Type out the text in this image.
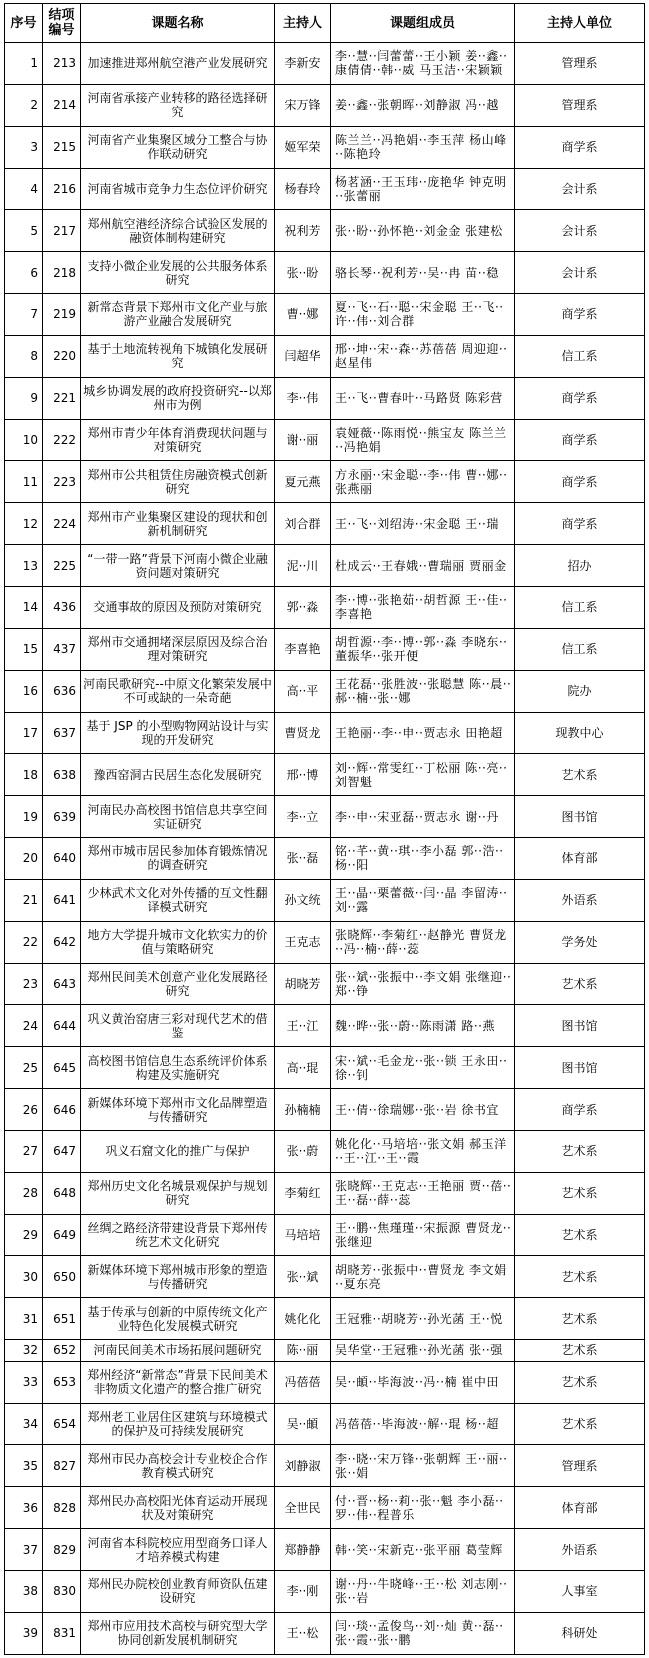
序号	结项
编号	课题名称	主持人	课题组成员	主持人单位
1	213	加速推进郑州航空港产业发展研究	李新安	李··慧··闫蕾蕾··王小颖 姜··鑫··康倩倩··韩··威 马玉洁··宋颖颖	管理系
2	214	河南省承接产业转移的路径选择研究	宋万锋	姜··鑫··张朝晖··刘静淑 冯··越	管理系
3	215	河南省产业集聚区域分工整合与协作联动研究	姬军荣	陈兰兰··冯艳娟··李玉萍 杨山峰··陈艳玲	商学系
4	216	河南省城市竞争力生态位评价研究	杨春玲	杨茗涵··王玉玮··庞艳华 钟克明··张蕾丽	会计系
5	217	郑州航空港经济综合试验区发展的融资体制构建研究	祝利芳	张··盼··孙怀艳··刘金金 张建松	会计系
6	218	支持小微企业发展的公共服务体系研究	张··盼	骆长琴··祝利芳··吴··冉 苗··稳	会计系
7	219	新常态背景下郑州市文化产业与旅游产业融合发展研究	曹··娜	夏··飞··石··聪··宋金聪 王··飞··许··伟··刘合群	商学系
8	220	基于土地流转视角下城镇化发展研究	闫超华	邢··坤··宋··森··苏蓓蓓 周迎迎··赵星伟	信工系
9	221	城乡协调发展的政府投资研究--以郑州市为例	李··伟	王··飞··曹春叶··马路贤 陈彩营	商学系
10	222	郑州市青少年体育消费现状问题与对策研究	谢··丽	袁娅薇··陈雨悦··熊宝友 陈兰兰··冯艳娟	商学系
11	223	郑州市公共租赁住房融资模式创新研究	夏元燕	方永丽··宋金聪··李··伟 曹··娜··张燕丽	商学系
12	224	郑州市产业集聚区建设的现状和创新机制研究	刘合群	王··飞··刘绍涛··宋金聪 王··瑞	商学系
13	225	“一带一路”背景下河南小微企业融资问题对策研究	泥··川	杜成云··王春娥··曹瑞丽 贾丽金	招办
14	436	交通事故的原因及预防对策研究	郭··淼	李··博··张艳茹··胡哲源 王··佳··李喜艳	信工系
15	437	郑州市交通拥堵深层原因及综合治理对策研究	李喜艳	胡哲源··李··博··郭··淼 李晓东··董振华··张开便	信工系
16	636	河南民歌研究--中原文化繁荣发展中不可或缺的一朵奇葩	高··平	王花磊··张胜波··张聪慧 陈··晨··郝··楠··张··娜	院办
17	637	基于 JSP 的小型购物网站设计与实现的开发研究	曹贤龙	王艳丽··李··申··贾志永 田艳超	现教中心
18	638	豫西窑洞古民居生态化发展研究	邢··博	刘··辉··常雯红··丁松丽 陈··亮··刘智魁	艺术系
19	639	河南民办高校图书馆信息共享空间实证研究	李··立	李··申··宋亚磊··贾志永 谢··丹	图书馆
20	640	郑州市城市居民参加体育锻炼情况的调查研究	张··磊	铭··芊··黄··琪··李小磊 郭··浩··杨··阳	体育部
21	641	少林武术文化对外传播的互文性翻译模式研究	孙文统	王··晶··栗蕾薇··闫··晶 李留涛··刘··露	外语系
22	642	地方大学提升城市文化软实力的价值与策略研究	王克志	张晓辉··李菊红··赵静光 曹贤龙··冯··楠··薛··蕊	学务处
23	643	郑州民间美术创意产业化发展路径研究	胡晓芳	张··斌··张振中··李文娟 张继迎··郑··铮	艺术系
24	644	巩义黄治窑唐三彩对现代艺术的借鉴	王··江	魏··晔··张··蔚··陈雨潇 路··燕	图书馆
25	645	高校图书馆信息生态系统评价体系构建及实施研究	高··琨	宋··斌··毛金龙··张··锁 王永田··徐··钊	图书馆
26	646	新媒体环境下郑州市文化品牌塑造与传播研究	孙楠楠	王··倩··徐瑞娜··张··岩 徐书宜	商学系
27	647	巩义石窟文化的推广与保护	张··蔚	姚化化··马培培··张文娟 郝玉洋··王··江··王··霞	艺术系
28	648	郑州历史文化名城景观保护与规划研究	李菊红	张晓辉··王克志··王艳丽 贾··蓓··王··磊··薛··蕊	艺术系
29	649	丝绸之路经济带建设背景下郑州传统艺术文化研究	马培培	王··鹏··焦瑾瑾··宋振源 曹贤龙··张继迎	艺术系
30	650	新媒体环境下郑州城市形象的塑造与传播研究	张··斌	胡晓芳··张振中··曹贤龙 李文娟··夏东亮	艺术系
31	651	基于传承与创新的中原传统文化产业特色化发展模式研究	姚化化	王冠雅··胡晓芳··孙光菡 王··悦	艺术系
32	652	河南民间美术市场拓展问题研究	陈··丽	吴华堂··王冠雅··孙光菡 张··强	艺术系
33	653	郑州经济“新常态”背景下民间美术非物质文化遗产的整合推广研究	冯蓓蓓	吴··頔··毕海波··冯··楠 崔中田	艺术系
34	654	郑州老工业居住区建筑与环境模式的保护及可持续发展研究	吴··頔	冯蓓蓓··毕海波··解··琨 杨··超	艺术系
35	827	郑州市民办高校会计专业校企合作教育模式研究	刘静淑	李··晓··宋万锋··张朝辉 王··丽··张··娟	管理系
36	828	郑州民办高校阳光体育运动开展现状及对策研究	全世民	付··晋··杨··莉··张··魁 李小磊··罗··伟··程普乐	体育部
37	829	河南省本科院校应用型商务口译人才培养模式构建	郑静静	韩··笑··宋新克··张平丽 葛莹辉	外语系
38	830	郑州民办院校创业教育师资队伍建设研究	李··刚	谢··丹··牛晓峰··王··松 刘志刚··张··岩	人事室
39	831	郑州市应用技术高校与研究型大学协同创新发展机制研究	王··松	闫··琰··孟俊鸟··刘··灿 黄··磊··张··霞··张··鹏	科研处
